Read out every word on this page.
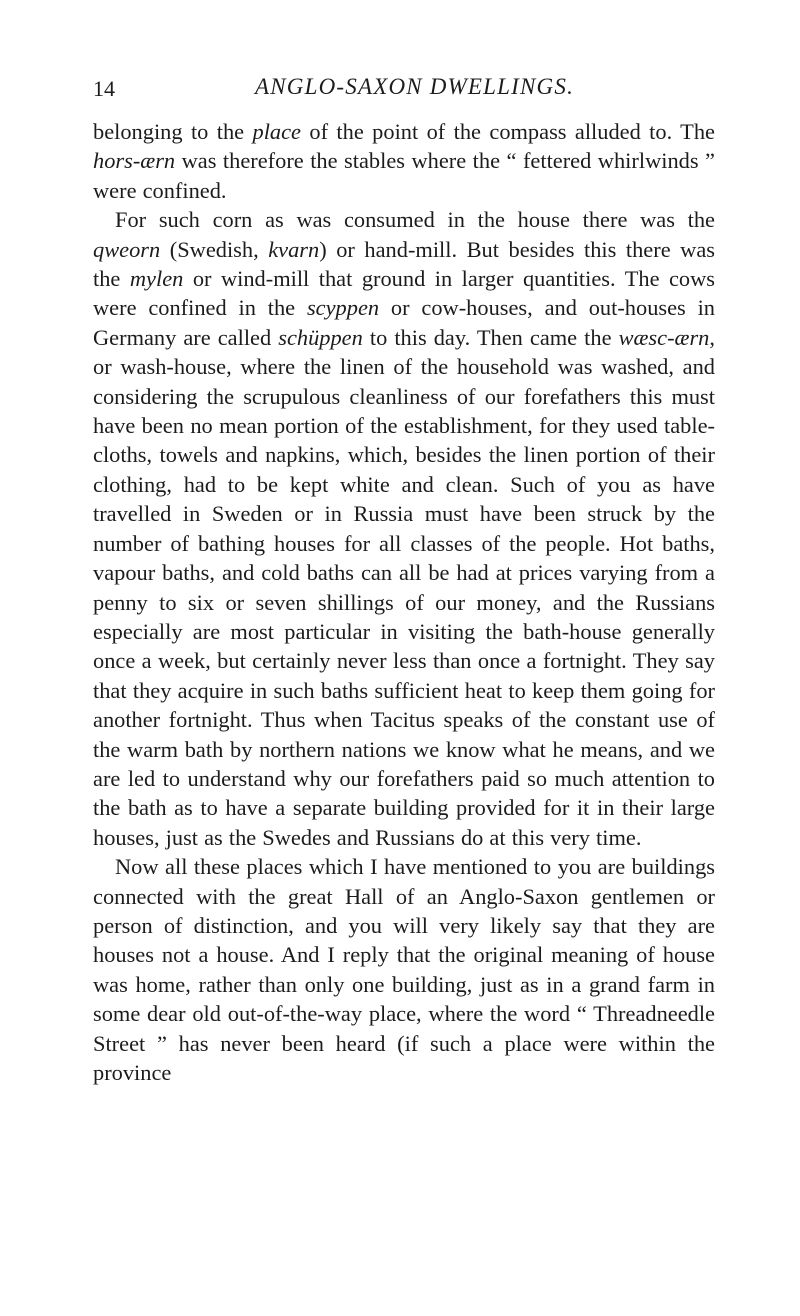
14	ANGLO-SAXON DWELLINGS.

belonging to the place of the point of the compass alluded to. The hors-ærn was therefore the stables where the “ fettered whirlwinds ” were confined.

For such corn as was consumed in the house there was the qweorn (Swedish, kvarn) or hand-mill. But besides this there was the mylen or wind-mill that ground in larger quantities. The cows were confined in the scyppen or cow-houses, and out-houses in Germany are called schüppen to this day. Then came the wæsc-ærn, or wash-house, where the linen of the household was washed, and considering the scrupulous cleanliness of our forefathers this must have been no mean portion of the establishment, for they used table-cloths, towels and napkins, which, besides the linen portion of their clothing, had to be kept white and clean. Such of you as have travelled in Sweden or in Russia must have been struck by the number of bathing houses for all classes of the people. Hot baths, vapour baths, and cold baths can all be had at prices varying from a penny to six or seven shillings of our money, and the Russians especially are most particular in visiting the bath-house generally once a week, but certainly never less than once a fortnight. They say that they acquire in such baths sufficient heat to keep them going for another fortnight. Thus when Tacitus speaks of the constant use of the warm bath by northern nations we know what he means, and we are led to understand why our forefathers paid so much attention to the bath as to have a separate building provided for it in their large houses, just as the Swedes and Russians do at this very time.

Now all these places which I have mentioned to you are buildings connected with the great Hall of an Anglo-Saxon gentlemen or person of distinction, and you will very likely say that they are houses not a house. And I reply that the original meaning of house was home, rather than only one building, just as in a grand farm in some dear old out-of-the-way place, where the word “ Threadneedle Street ” has never been heard (if such a place were within the province
